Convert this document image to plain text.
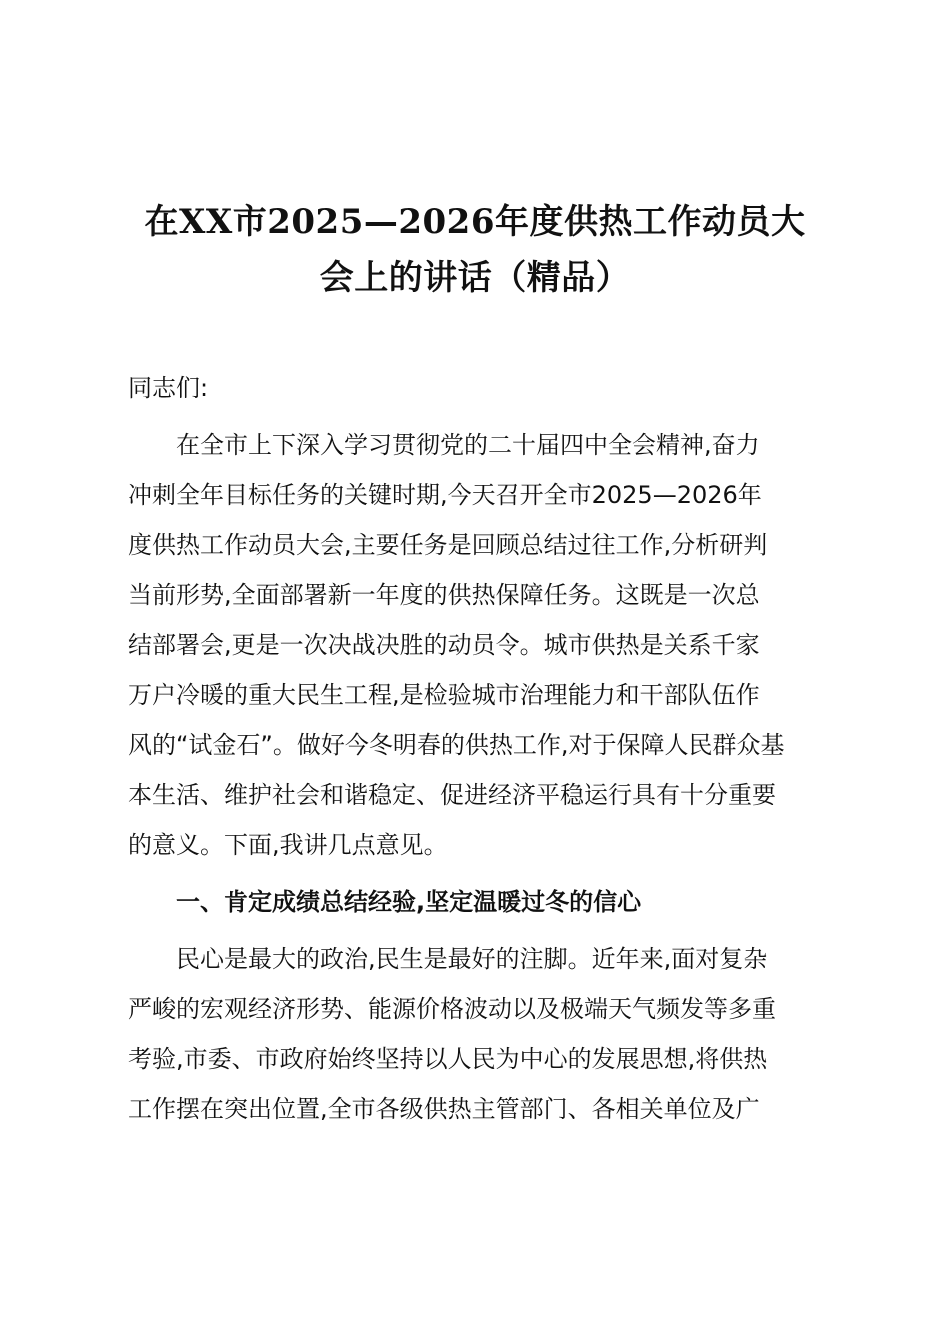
在XX市2025—2026年度供热工作动员大
会上的讲话（精品）

同志们:

在全市上下深入学习贯彻党的二十届四中全会精神,奋力

冲刺全年目标任务的关键时期,今天召开全市2025—2026年

度供热工作动员大会,主要任务是回顾总结过往工作,分析研判

当前形势,全面部署新一年度的供热保障任务。这既是一次总

结部署会,更是一次决战决胜的动员令。城市供热是关系千家

万户冷暖的重大民生工程,是检验城市治理能力和干部队伍作

风的“试金石”。做好今冬明春的供热工作,对于保障人民群众基

本生活、维护社会和谐稳定、促进经济平稳运行具有十分重要

的意义。下面,我讲几点意见。

一、肯定成绩总结经验,坚定温暖过冬的信心

民心是最大的政治,民生是最好的注脚。近年来,面对复杂

严峻的宏观经济形势、能源价格波动以及极端天气频发等多重

考验,市委、市政府始终坚持以人民为中心的发展思想,将供热

工作摆在突出位置,全市各级供热主管部门、各相关单位及广
